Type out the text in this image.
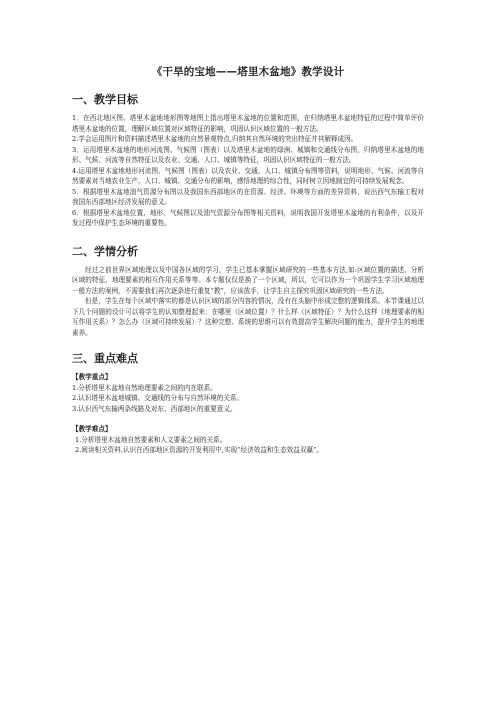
《干旱的宝地——塔里木盆地》教学设计
一、教学目标

1．在西北地区图、塔里木盆地地形图等地图上指出塔里木盆地的位置和范围，在归纳塔里木盆地特征的过程中简单评价塔里木盆地的位置，理解区域位置对区域特征的影响，巩固认识区域位置的一般方法。

2.学会运用图片和资料描述塔里木盆地的自然景观特点,归纳其自然环境的突出特征并其解释成因。

3．运用塔里木盆地的地形河流图、气候图（图表）以及塔里木盆地的绿洲、城镇和交通线分布图，归纳塔里木盆地的地形、气候、河流等自然特征以及农业、交通、人口、城镇等特征，巩固认识区域特征的一般方法。

4.运用塔里木盆地地形河流图、气候图（图表）以及农业、交通、人口、城镇分布图等资料，说明地形、气候、河流等自然要素对当地农业生产、人口、城镇、交通分布的影响，感悟地理的综合性，同时树立因地制宜的可持续发展观念。

5．根据塔里木盆地油气资源分布图以及我国东西部地区的在资源、经济、环境等方面的差异资料，说出西气东输工程对我国东西部地区经济发展的意义。

6．根据塔里木盆地位置、地形、气候图以及油气资源分布图等相关资料，说明我国开发塔里木盆地的有利条件，以及开发过程中保护生态环境的重要性。

二、学情分析

经过之前世界区域地理以及中国各区域的学习，学生已基本掌握区域研究的一些基本方法,如:区域位置的描述、分析区域的特征、地理要素的相互作用关系等等。本专题仅仅是换了一个区域，所以，它可以作为一个巩固学生学习区域地理一般方法的案例，不需要我们再次逐条进行重复“教”，应该放手，让学生自主探究巩固区域研究的一些方法。

但是，学生在每个区域中落实的都是认识区域的部分内容的情况，没有在头脑中形成完整的逻辑体系。本节课通过以下几个问题的设计可以将学生的认知整理起来：在哪里（区域位置）？什么样（区域特征）？为什么这样（地理要素的相互作用关系）？怎么办（区域可持续发展）？这种完整、系统的思维可以有效提高学生解决问题的能力，提升学生的地理素养。

三、重点难点

【教学重点】

1.分析塔里木盆地自然地理要素之间的内在联系。

2.认识塔里木盆地城镇、交通线的分布与自然环境的关系。

3.认识西气东输两条线路及对东、西部地区的重要意义。

【教学难点】

1.分析塔里木盆地自然要素和人文要素之间的关系。

2.阅读相关资料,认识在西部地区资源的开发利用中,实现“经济效益和生态效益双赢”。
